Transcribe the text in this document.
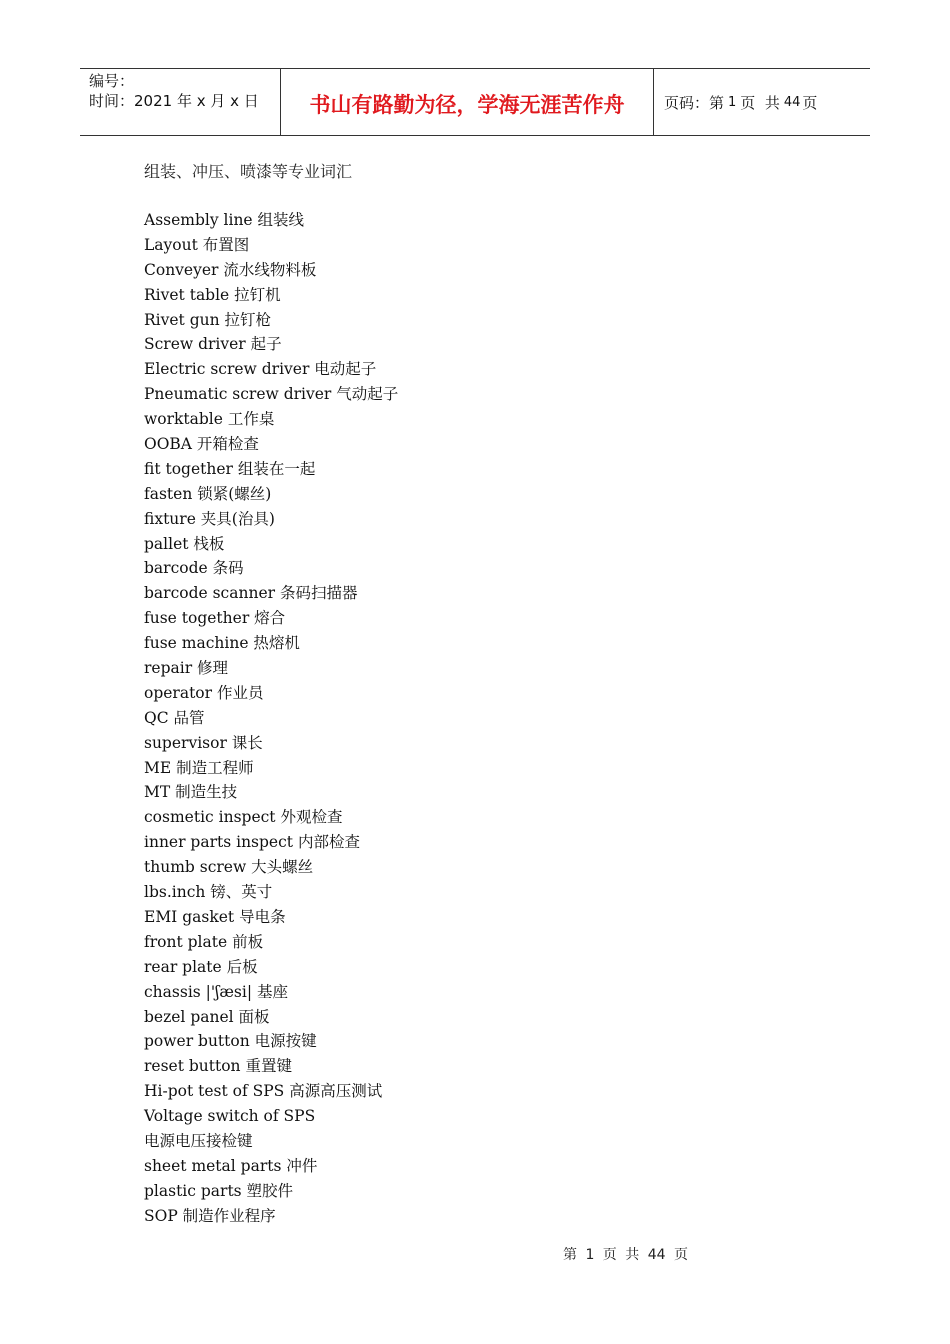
编号：
时间：2021 年 x 月 x 日	书山有路勤为径，学海无涯苦作舟	页码：第 1 页  共 44 页
组装、冲压、喷漆等专业词汇
Assembly line 组装线
Layout 布置图
Conveyer 流水线物料板
Rivet table 拉钉机
Rivet gun 拉钉枪
Screw driver 起子
Electric screw driver 电动起子
Pneumatic screw driver 气动起子
worktable 工作桌
OOBA 开箱检查
fit together 组装在一起
fasten 锁紧(螺丝)
fixture 夹具(治具)
pallet 栈板
barcode 条码
barcode scanner 条码扫描器
fuse together 熔合
fuse machine 热熔机
repair 修理
operator 作业员
QC 品管
supervisor 课长
ME 制造工程师
MT 制造生技
cosmetic inspect 外观检查
inner parts inspect 内部检查
thumb screw 大头螺丝
lbs.inch 镑、英寸
EMI gasket 导电条
front plate 前板
rear plate 后板
chassis |'ʃæsi| 基座
bezel panel 面板
power button 电源按键
reset button 重置键
Hi-pot test of SPS 高源高压测试
Voltage switch of SPS
电源电压接检键
sheet metal parts 冲件
plastic parts 塑胶件
SOP 制造作业程序
第 1 页 共 44 页
